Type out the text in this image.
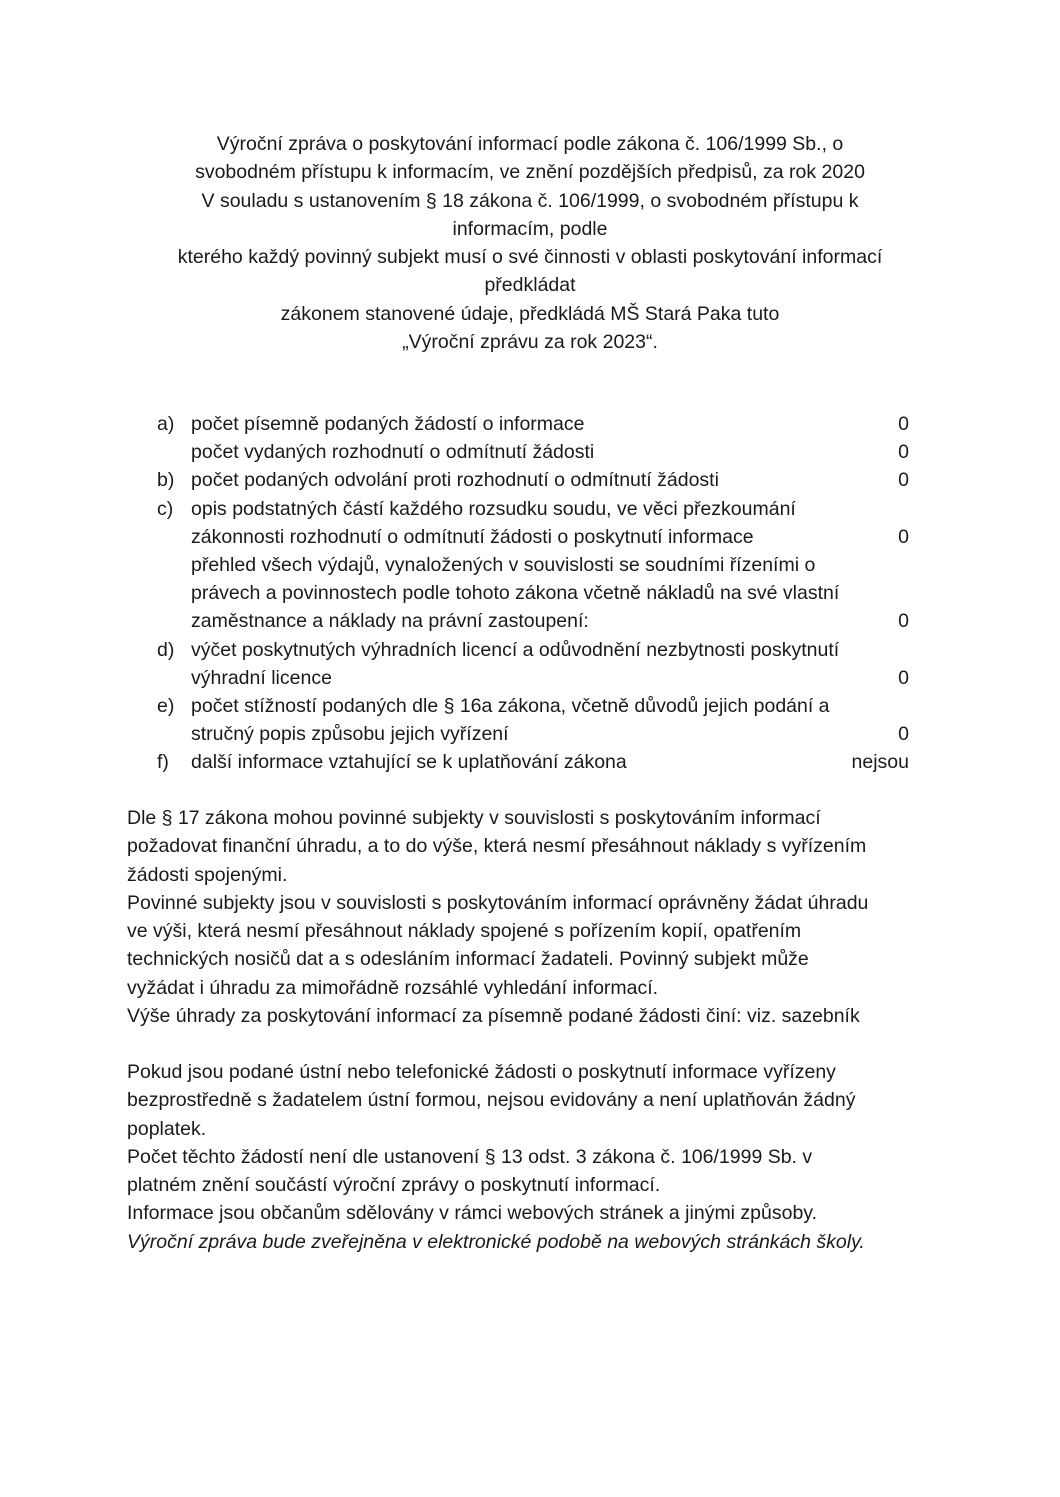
Výroční zpráva o poskytování informací podle zákona č. 106/1999 Sb., o
svobodném přístupu k informacím, ve znění pozdějších předpisů, za rok 2020
V souladu s ustanovením § 18 zákona č. 106/1999, o svobodném přístupu k
informacím, podle
kterého každý povinný subjekt musí o své činnosti v oblasti poskytování informací
předkládat
zákonem stanovené údaje, předkládá MŠ Stará Paka tuto
„Výroční zprávu za rok 2023“.
a) počet písemně podaných žádostí o informace	0
počet vydaných rozhodnutí o odmítnutí žádosti	0
b) počet podaných odvolání proti rozhodnutí o odmítnutí žádosti	0
c) opis podstatných částí každého rozsudku soudu, ve věci přezkoumání
zákonnosti rozhodnutí o odmítnutí žádosti o poskytnutí informace	0
přehled všech výdajů, vynaložených v souvislosti se soudními řízeními o
právech a povinnostech podle tohoto zákona včetně nákladů na své vlastní
zaměstnance a náklady na právní zastoupení:	0
d) výčet poskytnutých výhradních licencí a odůvodnění nezbytnosti poskytnutí
výhradní licence	0
e) počet stížností podaných dle § 16a zákona, včetně důvodů jejich podání a
stručný popis způsobu jejich vyřízení	0
f)	další informace vztahující se k uplatňování zákona	nejsou
Dle § 17 zákona mohou povinné subjekty v souvislosti s poskytováním informací
požadovat finanční úhradu, a to do výše, která nesmí přesáhnout náklady s vyřízením
žádosti spojenými.
Povinné subjekty jsou v souvislosti s poskytováním informací oprávněny žádat úhradu
ve výši, která nesmí přesáhnout náklady spojené s pořízením kopií, opatřením
technických nosičů dat a s odesláním informací žadateli. Povinný subjekt může
vyžádat i úhradu za mimořádně rozsáhlé vyhledání informací.
Výše úhrady za poskytování informací za písemně podané žádosti činí: viz. sazebník
Pokud jsou podané ústní nebo telefonické žádosti o poskytnutí informace vyřízeny
bezprostředně s žadatelem ústní formou, nejsou evidovány a není uplatňován žádný
poplatek.
Počet těchto žádostí není dle ustanovení § 13 odst. 3 zákona č. 106/1999 Sb. v
platném znění součástí výroční zprávy o poskytnutí informací.
Informace jsou občanům sdělovány v rámci webových stránek a jinými způsoby.
Výroční zpráva bude zveřejněna v elektronické podobě na webových stránkách školy.
